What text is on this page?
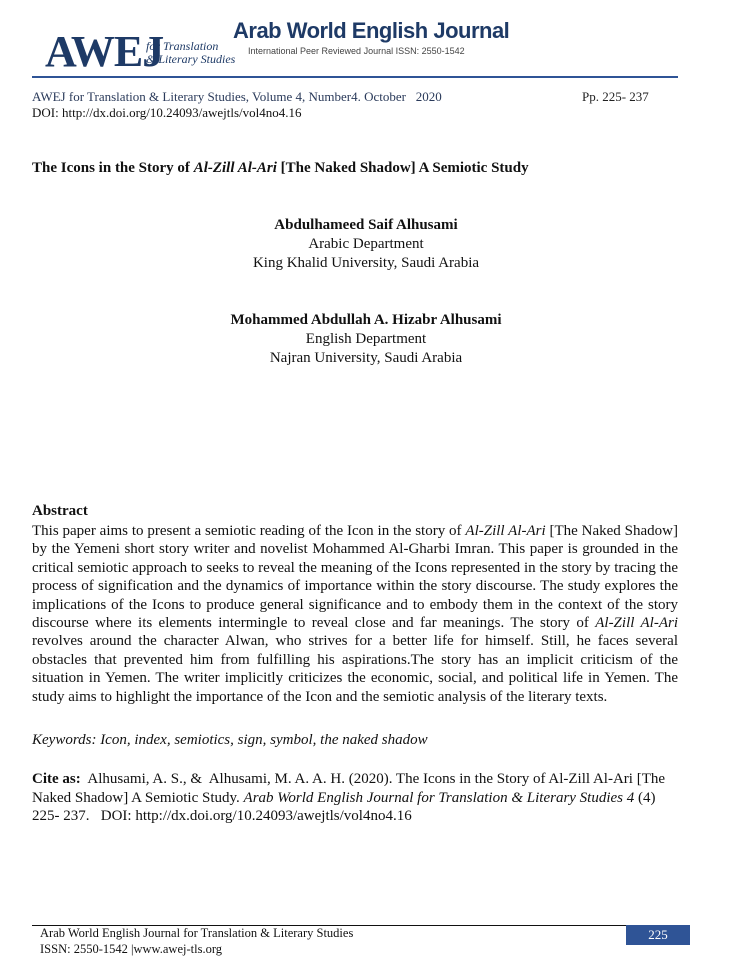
AWEJ
for Translation
& Literary Studies
Arab World English Journal
International Peer Reviewed Journal ISSN: 2550-1542
AWEJ for Translation & Literary Studies, Volume 4, Number4. October   2020	Pp. 225- 237
DOI: http://dx.doi.org/10.24093/awejtls/vol4no4.16
The Icons in the Story of Al-Zill Al-Ari [The Naked Shadow] A Semiotic Study
Abdulhameed Saif Alhusami
Arabic Department
King Khalid University, Saudi Arabia
Mohammed Abdullah A. Hizabr Alhusami
English Department
Najran University, Saudi Arabia
Abstract

This paper aims to present a semiotic reading of the Icon in the story of Al-Zill Al-Ari [The Naked Shadow] by the Yemeni short story writer and novelist Mohammed Al-Gharbi Imran. This paper is grounded in the critical semiotic approach to seeks to reveal the meaning of the Icons represented in the story by tracing the process of signification and the dynamics of importance within the story discourse. The study explores the implications of the Icons to produce general significance and to embody them in the context of the story discourse where its elements intermingle to reveal close and far meanings. The story of Al-Zill Al-Ari revolves around the character Alwan, who strives for a better life for himself. Still, he faces several obstacles that prevented him from fulfilling his aspirations.The story has an implicit criticism of the situation in Yemen. The writer implicitly criticizes the economic, social, and political life in Yemen. The study aims to highlight the importance of the Icon and the semiotic analysis of the literary texts.

Keywords: Icon, index, semiotics, sign, symbol, the naked shadow

Cite as:  Alhusami, A. S., &  Alhusami, M. A. A. H. (2020). The Icons in the Story of Al-Zill Al-Ari [The Naked Shadow] A Semiotic Study. Arab World English Journal for Translation & Literary Studies 4 (4) 225- 237.   DOI: http://dx.doi.org/10.24093/awejtls/vol4no4.16

Arab World English Journal for Translation & Literary Studies
ISSN: 2550-1542 |www.awej-tls.org
225
